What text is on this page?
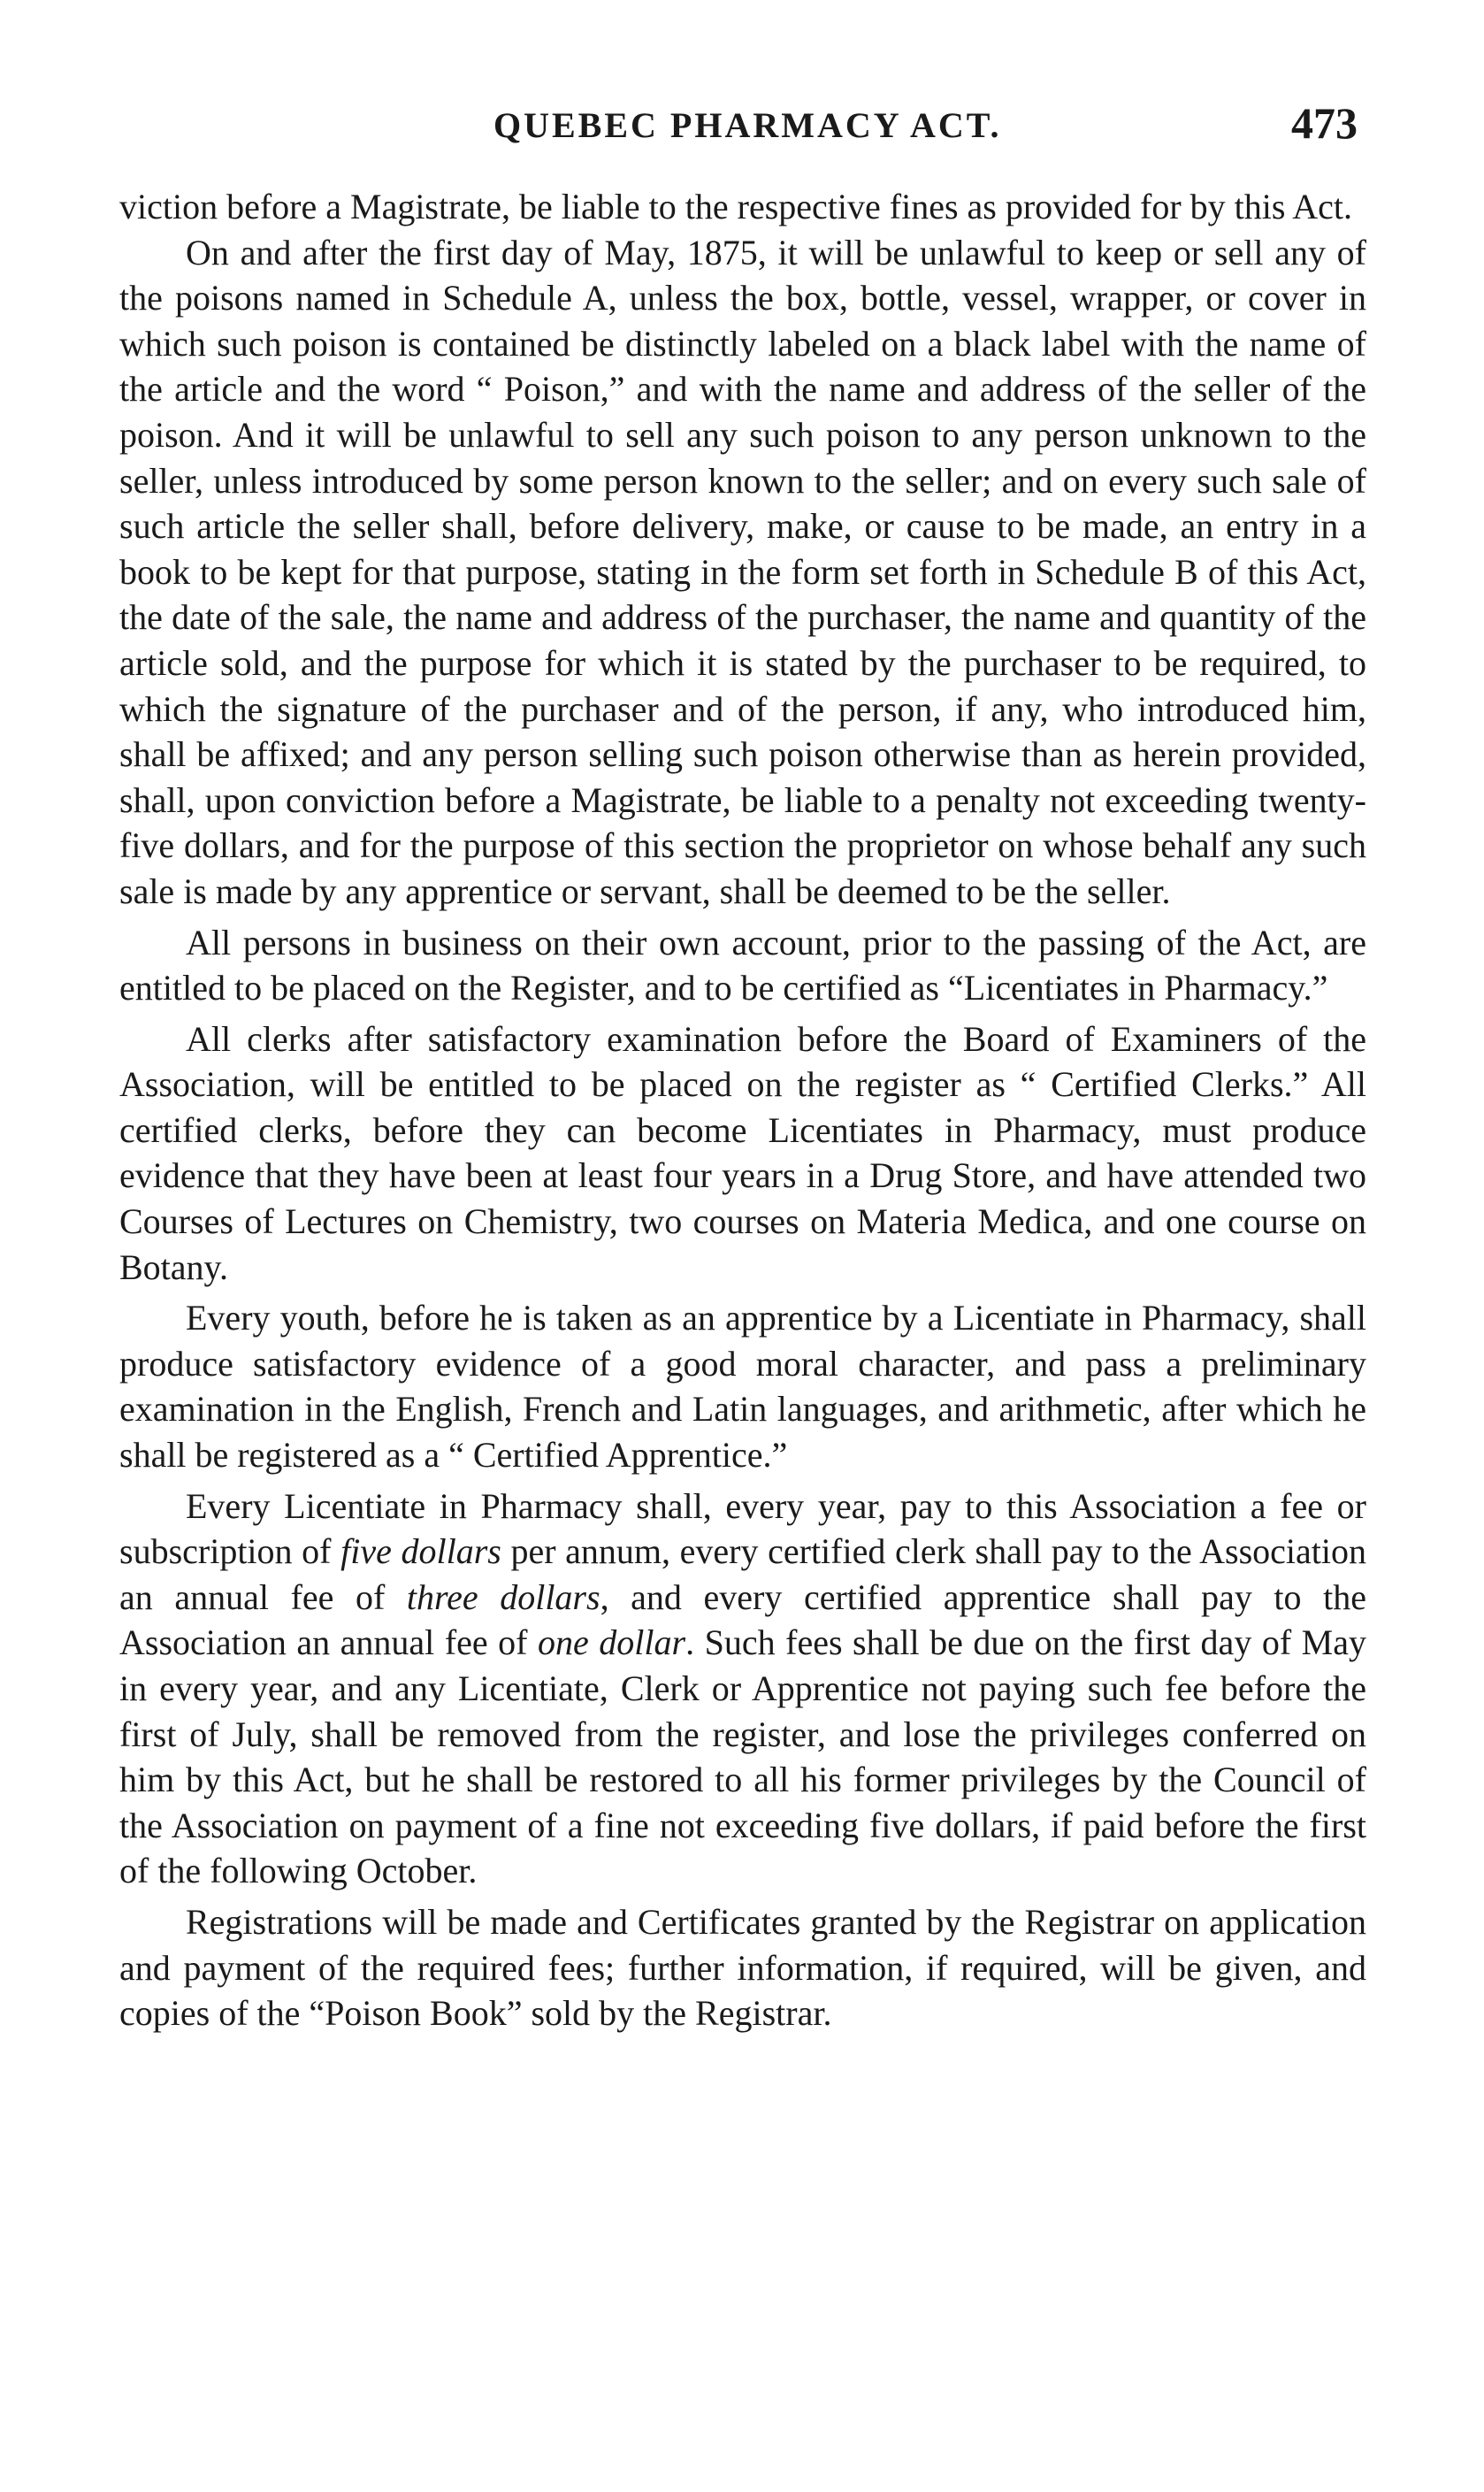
QUEBEC PHARMACY ACT.	473

viction before a Magistrate, be liable to the respective fines as provided for by this Act.

On and after the first day of May, 1875, it will be unlawful to keep or sell any of the poisons named in Schedule A, unless the box, bottle, vessel, wrapper, or cover in which such poison is contained be distinctly labeled on a black label with the name of the article and the word “ Poison,” and with the name and address of the seller of the poison. And it will be unlawful to sell any such poison to any person unknown to the seller, unless introduced by some person known to the seller; and on every such sale of such article the seller shall, before delivery, make, or cause to be made, an entry in a book to be kept for that purpose, stating in the form set forth in Schedule B of this Act, the date of the sale, the name and address of the purchaser, the name and quantity of the article sold, and the purpose for which it is stated by the purchaser to be required, to which the signature of the purchaser and of the person, if any, who introduced him, shall be affixed; and any person selling such poison otherwise than as herein provided, shall, upon conviction before a Magistrate, be liable to a penalty not exceeding twenty-five dollars, and for the purpose of this section the proprietor on whose behalf any such sale is made by any apprentice or servant, shall be deemed to be the seller.

All persons in business on their own account, prior to the passing of the Act, are entitled to be placed on the Register, and to be certified as “Licentiates in Pharmacy.”

All clerks after satisfactory examination before the Board of Examiners of the Association, will be entitled to be placed on the register as “ Certified Clerks.” All certified clerks, before they can become Licentiates in Pharmacy, must produce evidence that they have been at least four years in a Drug Store, and have attended two Courses of Lectures on Chemistry, two courses on Materia Medica, and one course on Botany.

Every youth, before he is taken as an apprentice by a Licentiate in Pharmacy, shall produce satisfactory evidence of a good moral character, and pass a preliminary examination in the English, French and Latin languages, and arithmetic, after which he shall be registered as a “ Certified Apprentice.”

Every Licentiate in Pharmacy shall, every year, pay to this Association a fee or subscription of five dollars per annum, every certified clerk shall pay to the Association an annual fee of three dollars, and every certified apprentice shall pay to the Association an annual fee of one dollar. Such fees shall be due on the first day of May in every year, and any Licentiate, Clerk or Apprentice not paying such fee before the first of July, shall be removed from the register, and lose the privileges conferred on him by this Act, but he shall be restored to all his former privileges by the Council of the Association on payment of a fine not exceeding five dollars, if paid before the first of the following October.

Registrations will be made and Certificates granted by the Registrar on application and payment of the required fees; further information, if required, will be given, and copies of the “Poison Book” sold by the Registrar.
